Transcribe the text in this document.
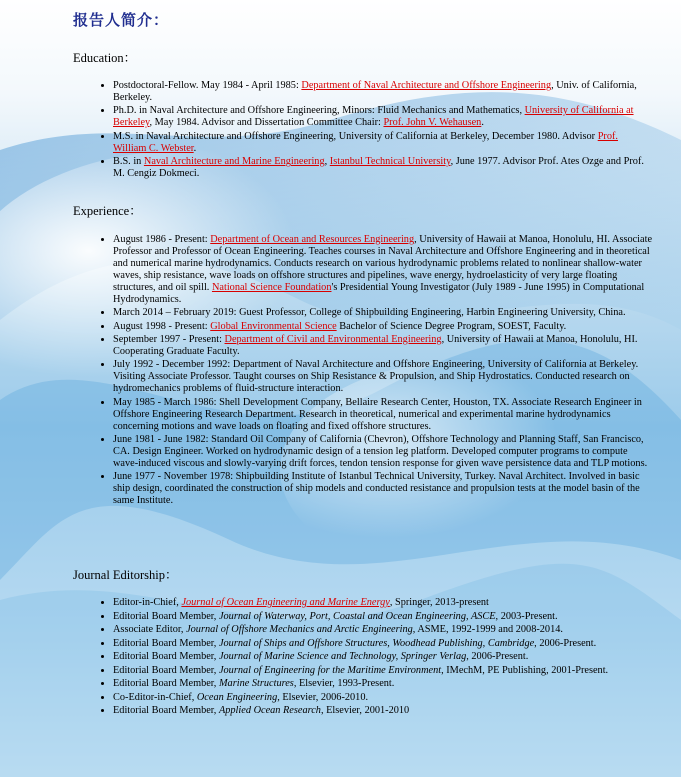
报告人简介：
Education：
• Postdoctoral-Fellow. May 1984 - April 1985: Department of Naval Architecture and Offshore Engineering, Univ. of California, Berkeley.
• Ph.D. in Naval Architecture and Offshore Engineering, Minors: Fluid Mechanics and Mathematics, University of California at Berkeley, May 1984. Advisor and Dissertation Committee Chair: Prof. John V. Wehausen.
• M.S. in Naval Architecture and Offshore Engineering, University of California at Berkeley, December 1980. Advisor Prof. William C. Webster.
• B.S. in Naval Architecture and Marine Engineering, Istanbul Technical University, June 1977. Advisor Prof. Ates Ozge and Prof. M. Cengiz Dokmeci.
Experience：
• August 1986 - Present: Department of Ocean and Resources Engineering, University of Hawaii at Manoa, Honolulu, HI. Associate Professor and Professor of Ocean Engineering. Teaches courses in Naval Architecture and Offshore Engineering and in theoretical and numerical marine hydrodynamics. Conducts research on various hydrodynamic problems related to nonlinear shallow-water waves, ship resistance, wave loads on offshore structures and pipelines, wave energy, hydroelasticity of very large floating structures, and oil spill. National Science Foundation's Presidential Young Investigator (July 1989 - June 1995) in Computational Hydrodynamics.
• March 2014 – February 2019: Guest Professor, College of Shipbuilding Engineering, Harbin Engineering University, China.
• August 1998 - Present: Global Environmental Science Bachelor of Science Degree Program, SOEST, Faculty.
• September 1997 - Present: Department of Civil and Environmental Engineering, University of Hawaii at Manoa, Honolulu, HI. Cooperating Graduate Faculty.
• July 1992 - December 1992: Department of Naval Architecture and Offshore Engineering, University of California at Berkeley. Visiting Associate Professor. Taught courses on Ship Resistance & Propulsion, and Ship Hydrostatics. Conducted research on hydromechanics problems of fluid-structure interaction.
• May 1985 - March 1986: Shell Development Company, Bellaire Research Center, Houston, TX. Associate Research Engineer in Offshore Engineering Research Department. Research in theoretical, numerical and experimental marine hydrodynamics concerning motions and wave loads on floating and fixed offshore structures.
• June 1981 - June 1982: Standard Oil Company of California (Chevron), Offshore Technology and Planning Staff, San Francisco, CA. Design Engineer. Worked on hydrodynamic design of a tension leg platform. Developed computer programs to compute wave-induced viscous and slowly-varying drift forces, tendon tension response for given wave persistence data and TLP motions.
• June 1977 - November 1978: Shipbuilding Institute of Istanbul Technical University, Turkey. Naval Architect. Involved in basic ship design, coordinated the construction of ship models and conducted resistance and propulsion tests at the model basin of the same Institute.
Journal Editorship：
• Editor-in-Chief, Journal of Ocean Engineering and Marine Energy, Springer, 2013-present
• Editorial Board Member, Journal of Waterway, Port, Coastal and Ocean Engineering, ASCE, 2003-Present.
• Associate Editor, Journal of Offshore Mechanics and Arctic Engineering, ASME, 1992-1999 and 2008-2014.
• Editorial Board Member, Journal of Ships and Offshore Structures, Woodhead Publishing, Cambridge, 2006-Present.
• Editorial Board Member, Journal of Marine Science and Technology, Springer Verlag, 2006-Present.
• Editorial Board Member, Journal of Engineering for the Maritime Environment, IMechM, PE Publishing, 2001-Present.
• Editorial Board Member, Marine Structures, Elsevier, 1993-Present.
• Co-Editor-in-Chief, Ocean Engineering, Elsevier, 2006-2010.
• Editorial Board Member, Applied Ocean Research, Elsevier, 2001-2010
